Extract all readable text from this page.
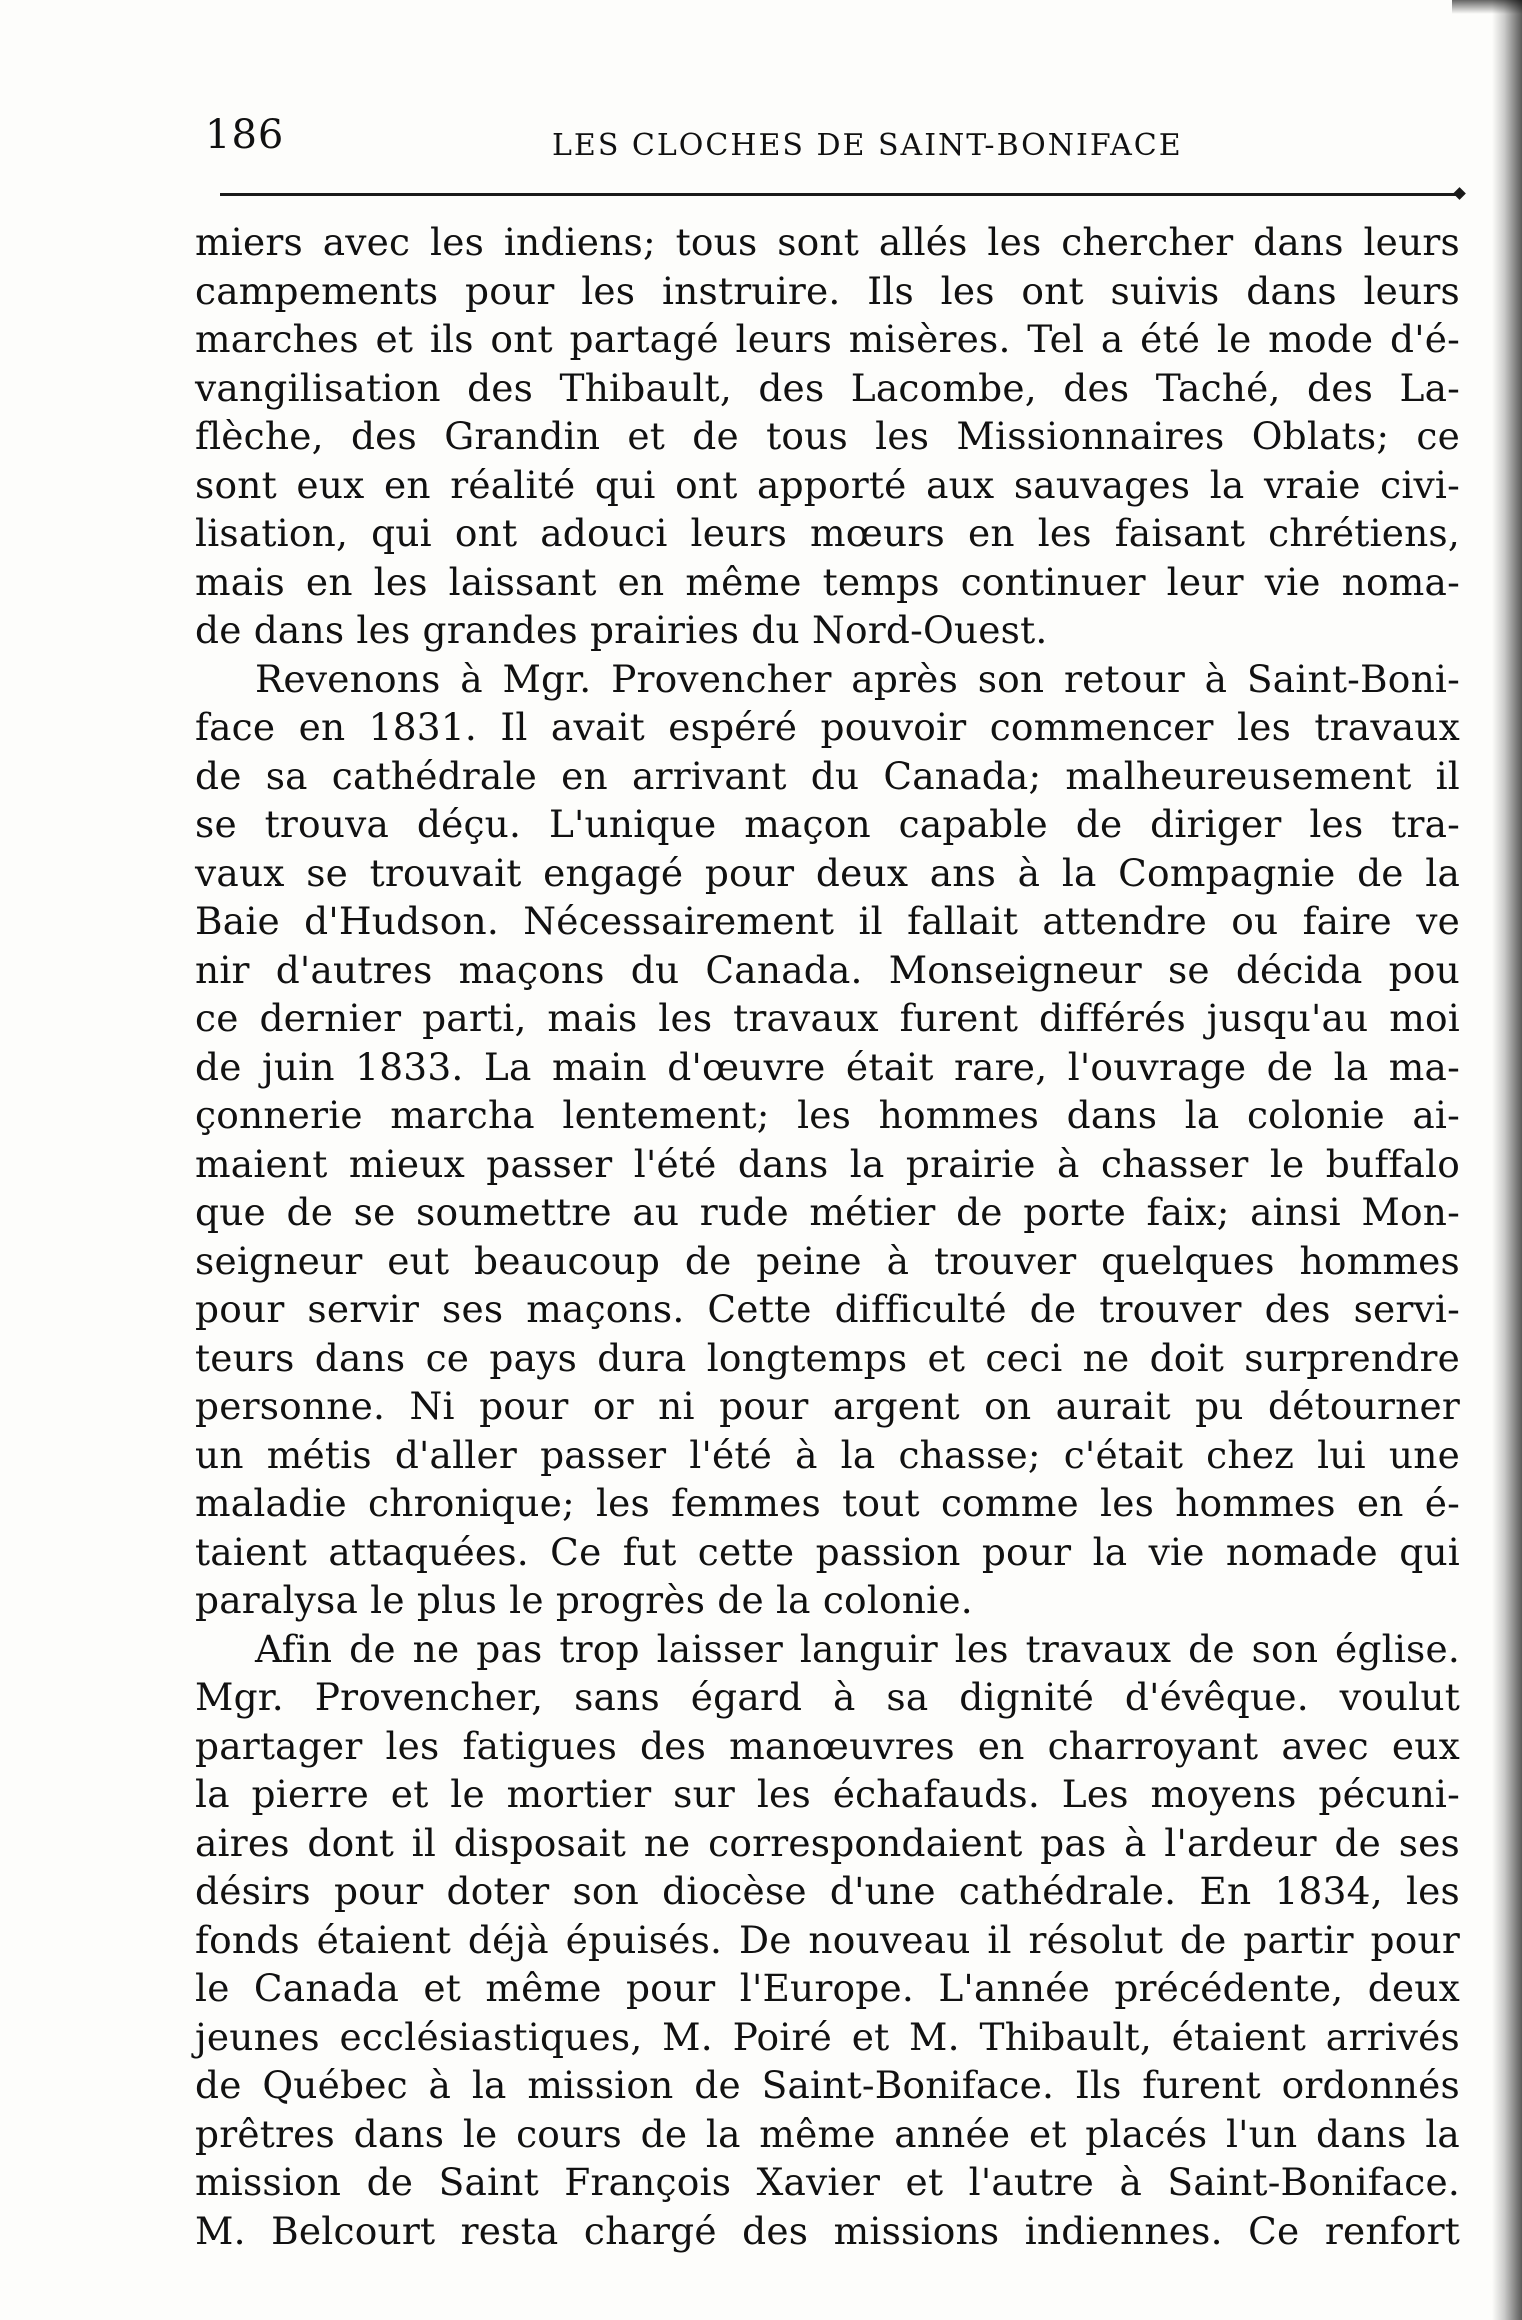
186	LES CLOCHES DE SAINT-BONIFACE
miers avec les indiens; tous sont allés les chercher dans leurs
campements pour les instruire. Ils les ont suivis dans leurs
marches et ils ont partagé leurs misères. Tel a été le mode d'é-
vangilisation des Thibault, des Lacombe, des Taché, des La-
flèche, des Grandin et de tous les Missionnaires Oblats; ce
sont eux en réalité qui ont apporté aux sauvages la vraie civi-
lisation, qui ont adouci leurs mœurs en les faisant chrétiens,
mais en les laissant en même temps continuer leur vie noma-
de dans les grandes prairies du Nord-Ouest.
Revenons à Mgr. Provencher après son retour à Saint-Boni-
face en 1831. Il avait espéré pouvoir commencer les travaux
de sa cathédrale en arrivant du Canada; malheureusement il
se trouva déçu. L'unique maçon capable de diriger les tra-
vaux se trouvait engagé pour deux ans à la Compagnie de la
Baie d'Hudson. Nécessairement il fallait attendre ou faire ve
nir d'autres maçons du Canada. Monseigneur se décida pou
ce dernier parti, mais les travaux furent différés jusqu'au moi
de juin 1833. La main d'œuvre était rare, l'ouvrage de la ma-
çonnerie marcha lentement; les hommes dans la colonie ai-
maient mieux passer l'été dans la prairie à chasser le buffalo
que de se soumettre au rude métier de porte faix; ainsi Mon-
seigneur eut beaucoup de peine à trouver quelques hommes
pour servir ses maçons. Cette difficulté de trouver des servi-
teurs dans ce pays dura longtemps et ceci ne doit surprendre
personne. Ni pour or ni pour argent on aurait pu détourner
un métis d'aller passer l'été à la chasse; c'était chez lui une
maladie chronique; les femmes tout comme les hommes en é-
taient attaquées. Ce fut cette passion pour la vie nomade qui
paralysa le plus le progrès de la colonie.
Afin de ne pas trop laisser languir les travaux de son église.
Mgr. Provencher, sans égard à sa dignité d'évêque. voulut
partager les fatigues des manœuvres en charroyant avec eux
la pierre et le mortier sur les échafauds. Les moyens pécuni-
aires dont il disposait ne correspondaient pas à l'ardeur de ses
désirs pour doter son diocèse d'une cathédrale. En 1834, les
fonds étaient déjà épuisés. De nouveau il résolut de partir pour
le Canada et même pour l'Europe. L'année précédente, deux
jeunes ecclésiastiques, M. Poiré et M. Thibault, étaient arrivés
de Québec à la mission de Saint-Boniface. Ils furent ordonnés
prêtres dans le cours de la même année et placés l'un dans la
mission de Saint François Xavier et l'autre à Saint-Boniface.
M. Belcourt resta chargé des missions indiennes. Ce renfort
